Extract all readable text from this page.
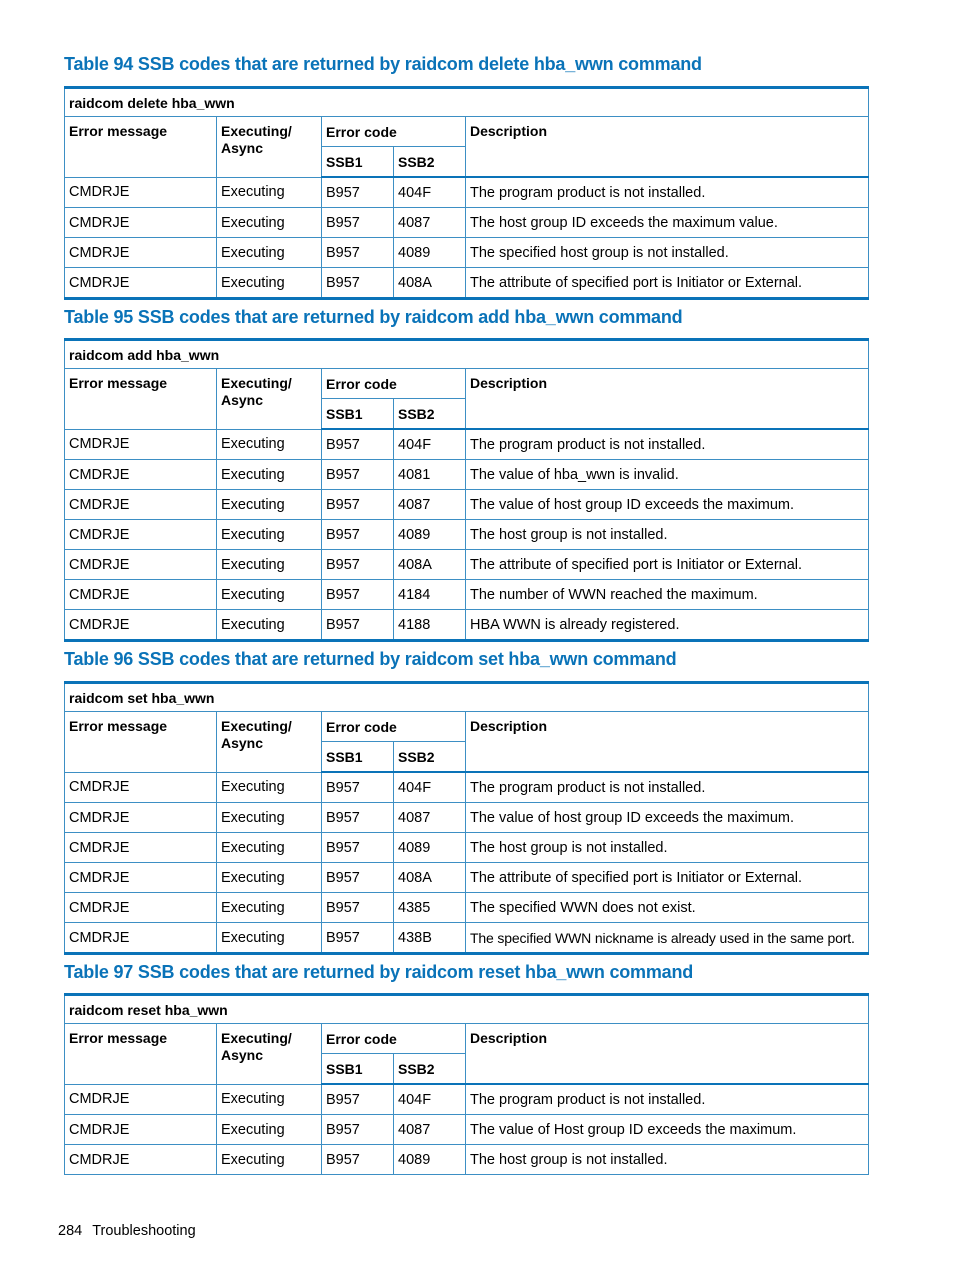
Table 94 SSB codes that are returned by raidcom delete hba_wwn command
raidcom delete hba_wwn				
Error message	Executing/
Async	Error code		Description
		SSB1	SSB2	
CMDRJE	Executing	B957	404F	The program product is not installed.
CMDRJE	Executing	B957	4087	The host group ID exceeds the maximum value.
CMDRJE	Executing	B957	4089	The specified host group is not installed.
CMDRJE	Executing	B957	408A	The attribute of specified port is Initiator or External.
Table 95 SSB codes that are returned by raidcom add hba_wwn command
raidcom add hba_wwn				
Error message	Executing/
Async	Error code		Description
		SSB1	SSB2	
CMDRJE	Executing	B957	404F	The program product is not installed.
CMDRJE	Executing	B957	4081	The value of hba_wwn is invalid.
CMDRJE	Executing	B957	4087	The value of host group ID exceeds the maximum.
CMDRJE	Executing	B957	4089	The host group is not installed.
CMDRJE	Executing	B957	408A	The attribute of specified port is Initiator or External.
CMDRJE	Executing	B957	4184	The number of WWN reached the maximum.
CMDRJE	Executing	B957	4188	HBA WWN is already registered.
Table 96 SSB codes that are returned by raidcom set hba_wwn command
raidcom set hba_wwn				
Error message	Executing/
Async	Error code		Description
		SSB1	SSB2	
CMDRJE	Executing	B957	404F	The program product is not installed.
CMDRJE	Executing	B957	4087	The value of host group ID exceeds the maximum.
CMDRJE	Executing	B957	4089	The host group is not installed.
CMDRJE	Executing	B957	408A	The attribute of specified port is Initiator or External.
CMDRJE	Executing	B957	4385	The specified WWN does not exist.
CMDRJE	Executing	B957	438B	The specified WWN nickname is already used in the same port.
Table 97 SSB codes that are returned by raidcom reset hba_wwn command
raidcom reset hba_wwn				
Error message	Executing/
Async	Error code		Description
		SSB1	SSB2	
CMDRJE	Executing	B957	404F	The program product is not installed.
CMDRJE	Executing	B957	4087	The value of Host group ID exceeds the maximum.
CMDRJE	Executing	B957	4089	The host group is not installed.
284 Troubleshooting
